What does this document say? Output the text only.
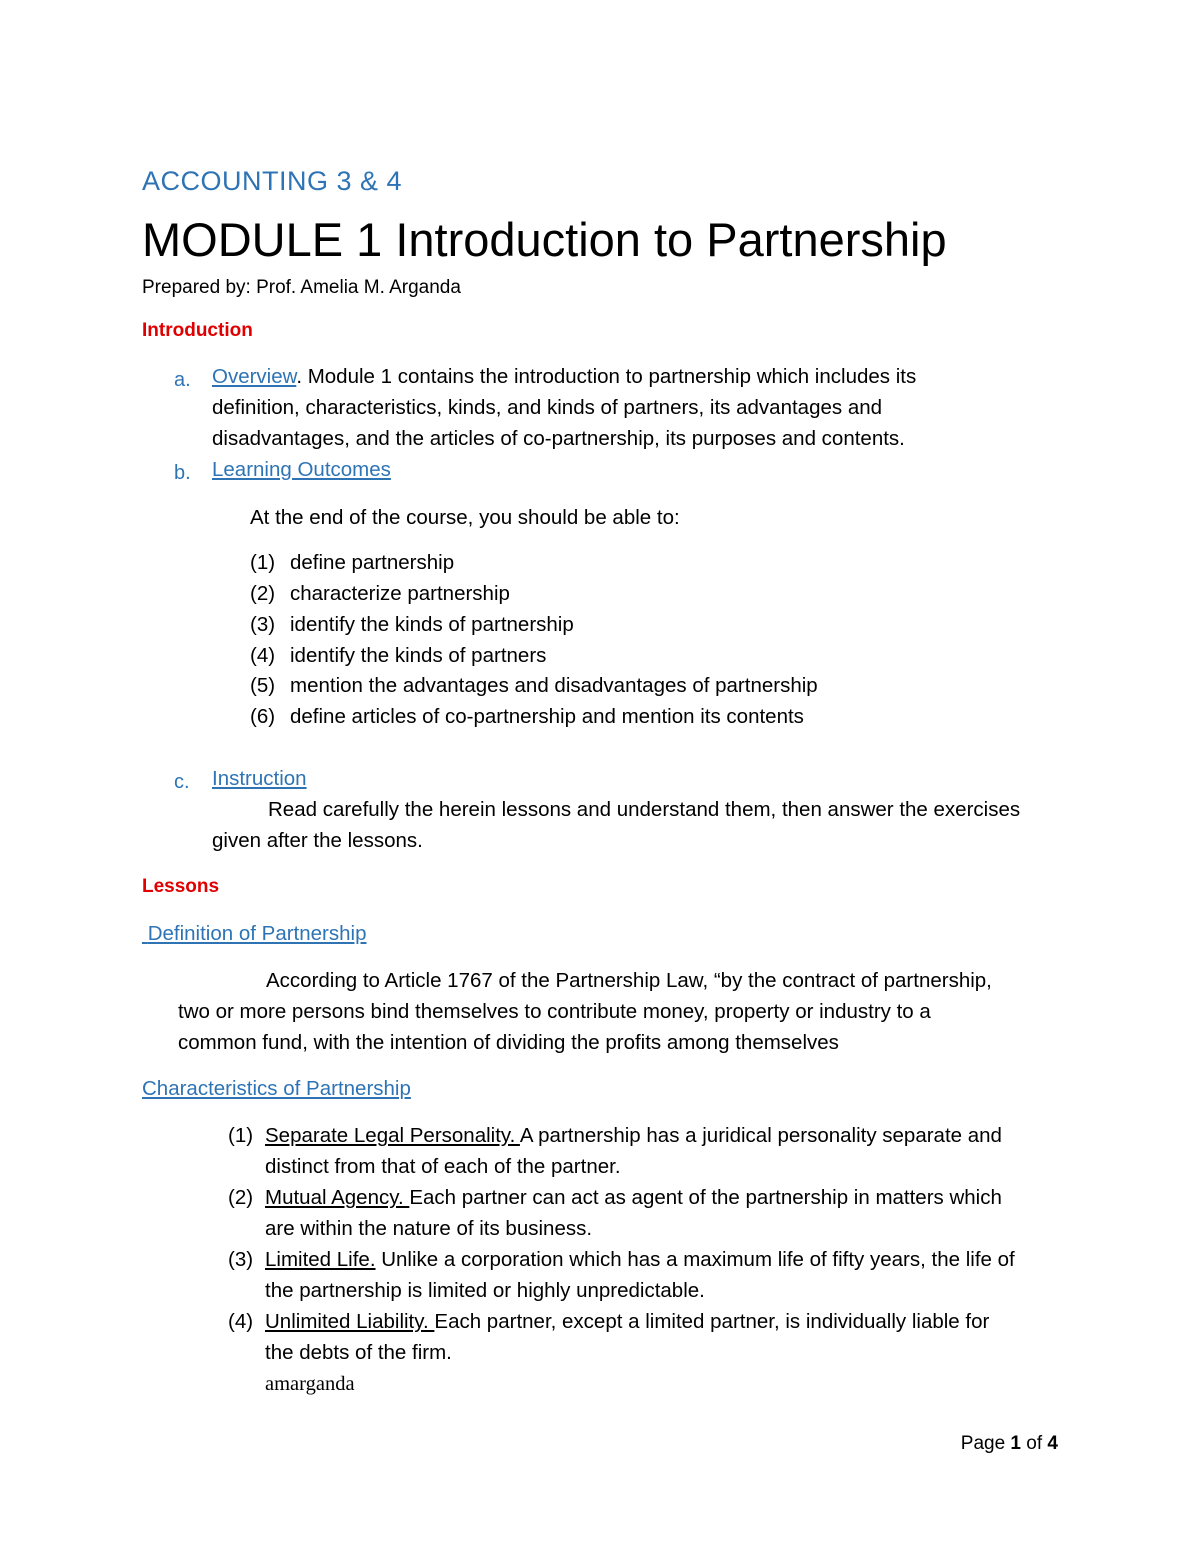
ACCOUNTING 3 & 4
MODULE 1 Introduction to Partnership
Prepared by: Prof. Amelia M. Arganda
Introduction
a. Overview. Module 1 contains the introduction to partnership which includes its
definition, characteristics, kinds, and kinds of partners, its advantages and
disadvantages, and the articles of co-partnership, its purposes and contents.
b. Learning Outcomes
At the end of the course, you should be able to:
(1) define partnership
(2) characterize partnership
(3) identify the kinds of partnership
(4) identify the kinds of partners
(5) mention the advantages and disadvantages of partnership
(6) define articles of co-partnership and mention its contents
c. Instruction
Read carefully the herein lessons and understand them, then answer the exercises
given after the lessons.
Lessons
Definition of Partnership
According to Article 1767 of the Partnership Law, “by the contract of partnership,
two or more persons bind themselves to contribute money, property or industry to a
common fund, with the intention of dividing the profits among themselves
Characteristics of Partnership
(1) Separate Legal Personality. A partnership has a juridical personality separate and
distinct from that of each of the partner.
(2) Mutual Agency. Each partner can act as agent of the partnership in matters which
are within the nature of its business.
(3) Limited Life. Unlike a corporation which has a maximum life of fifty years, the life of
the partnership is limited or highly unpredictable.
(4) Unlimited Liability. Each partner, except a limited partner, is individually liable for
the debts of the firm.
amarganda
Page 1 of 4
